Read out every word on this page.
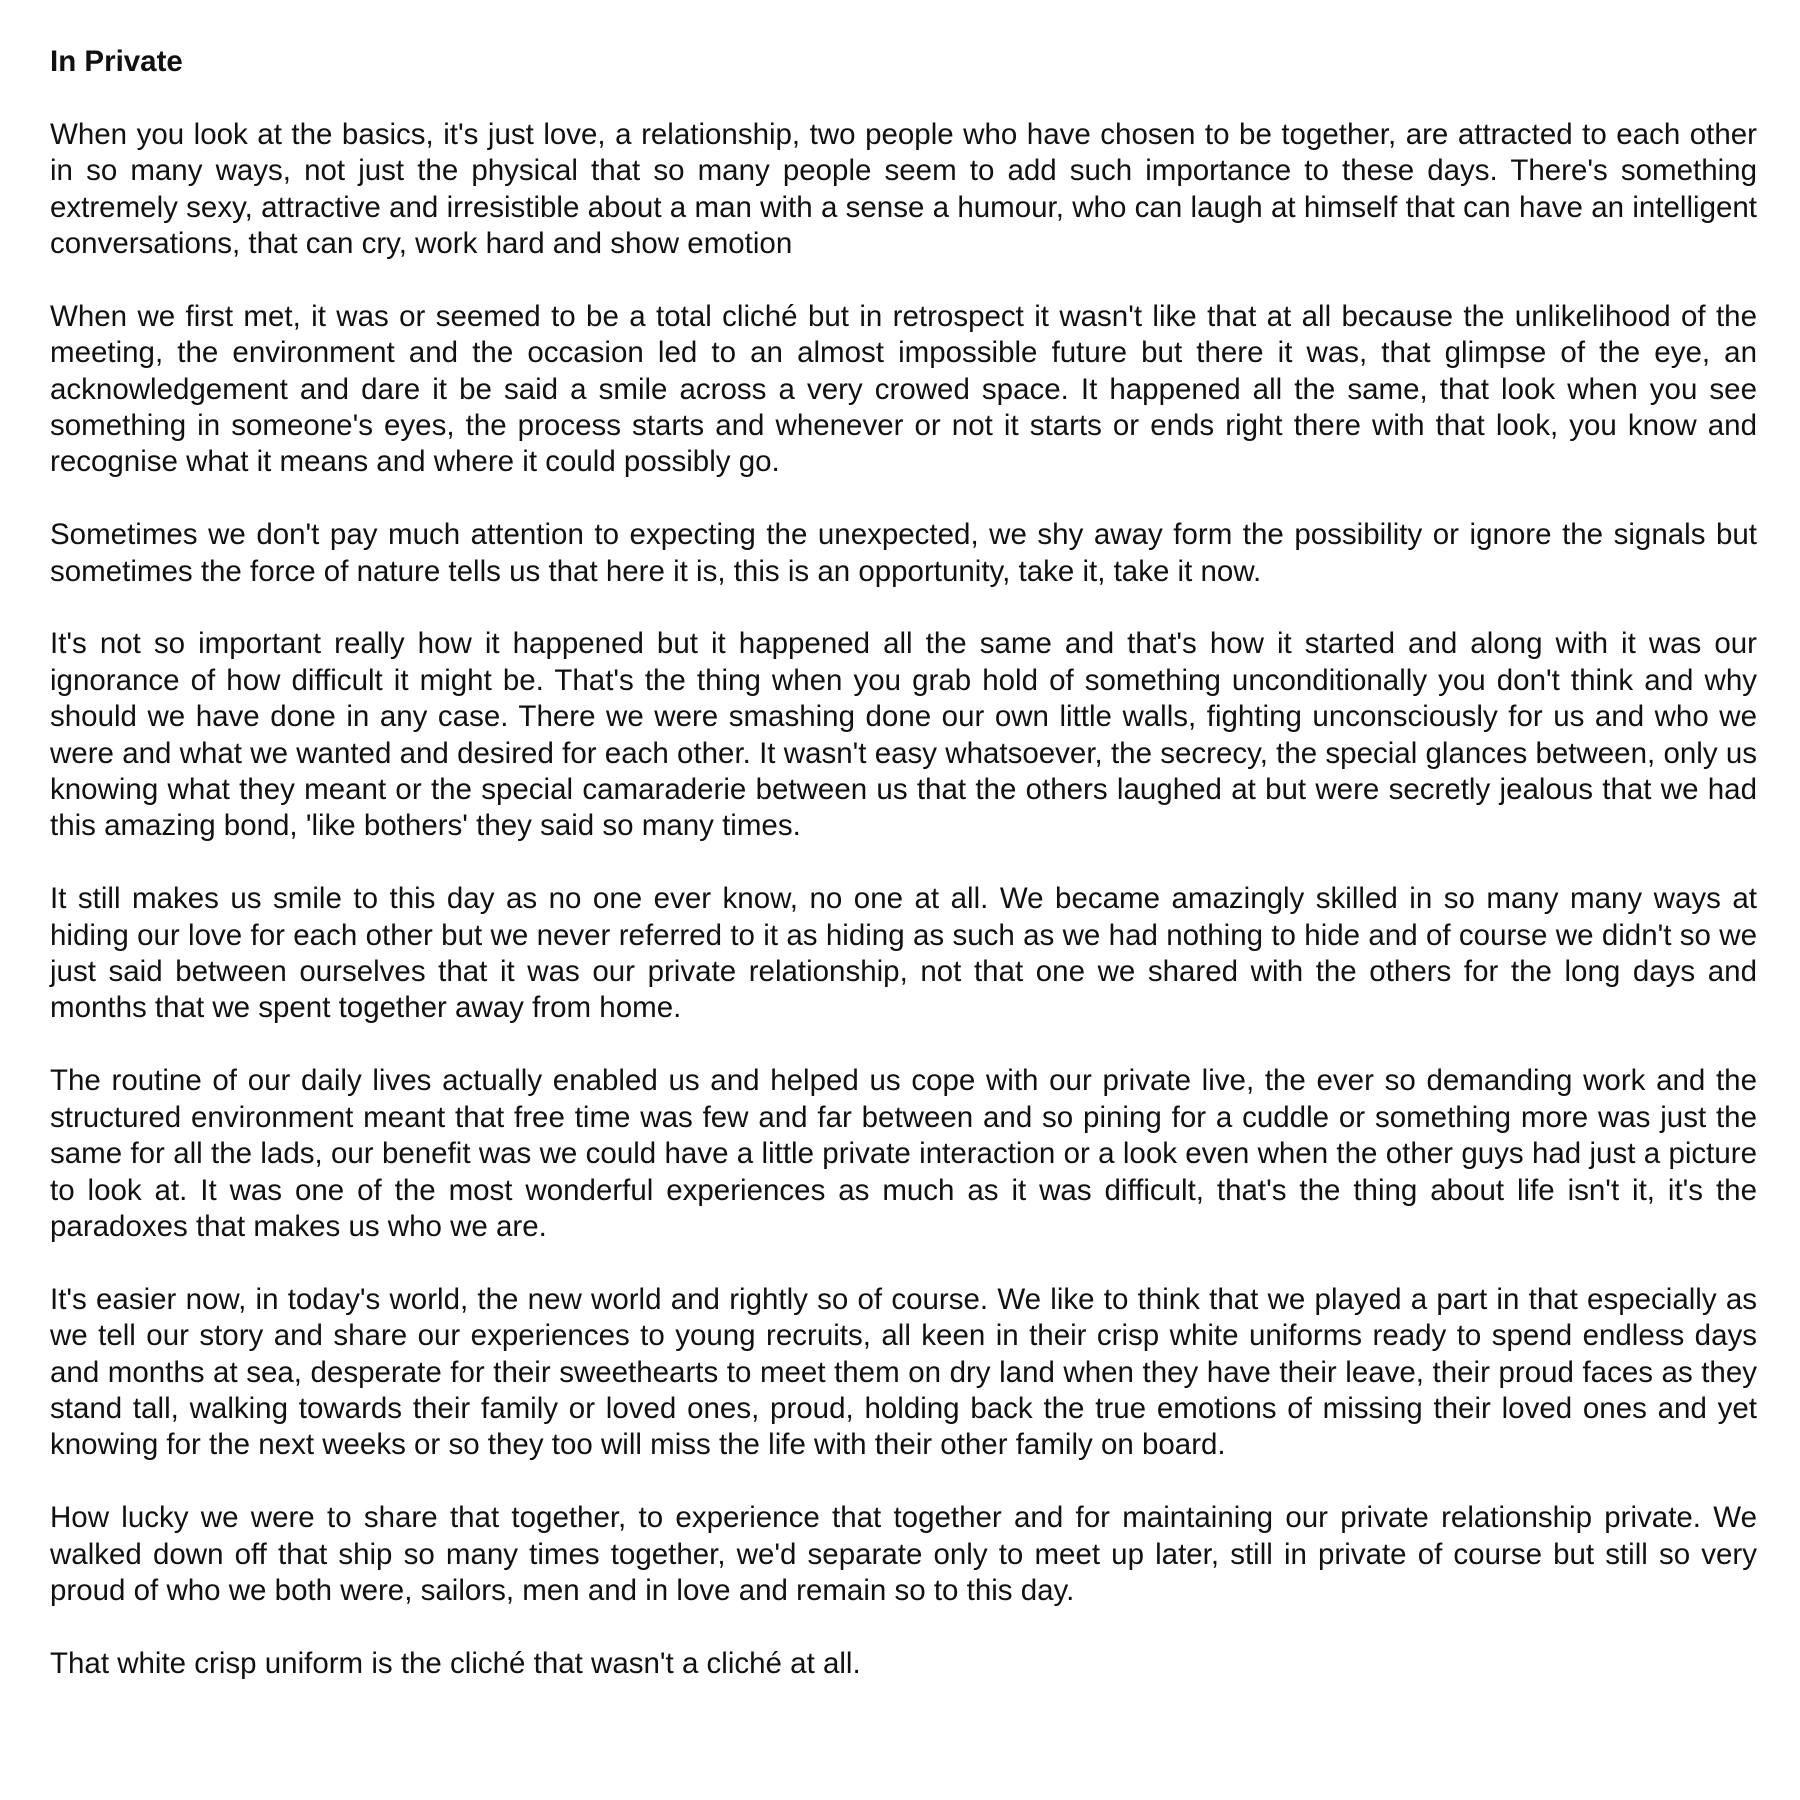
In Private

When you look at the basics, it's just love, a relationship, two people who have chosen to be together, are attracted to each other in so many ways, not just the physical that so many people seem to add such importance to these days. There's something extremely sexy, attractive and irresistible about a man with a sense a humour, who can laugh at himself that can have an intelligent conversations, that can cry, work hard and show emotion

When we first met, it was or seemed to be a total cliché but in retrospect it wasn't like that at all because the unlikelihood of the meeting, the environment and the occasion led to an almost impossible future but there it was, that glimpse of the eye, an acknowledgement and dare it be said a smile across a very crowed space. It happened all the same, that look when you see something in someone's eyes, the process starts and whenever or not it starts or ends right there with that look, you know and recognise what it means and where it could possibly go.

Sometimes we don't pay much attention to expecting the unexpected, we shy away form the possibility or ignore the signals but sometimes the force of nature tells us that here it is, this is an opportunity, take it, take it now.

It's not so important really how it happened but it happened all the same and that's how it started and along with it was our ignorance of how difficult it might be. That's the thing when you grab hold of something unconditionally you don't think and why should we have done in any case. There we were smashing done our own little walls, fighting unconsciously for us and who we were and what we wanted and desired for each other. It wasn't easy whatsoever, the secrecy, the special glances between, only us knowing what they meant or the special camaraderie between us that the others laughed at but were secretly jealous that we had this amazing bond, 'like bothers' they said so many times.

It still makes us smile to this day as no one ever know, no one at all. We became amazingly skilled in so many many ways at hiding our love for each other but we never referred to it as hiding as such as we had nothing to hide and of course we didn't so we just said between ourselves that it was our private relationship, not that one we shared with the others for the long days and months that we spent together away from home.

The routine of our daily lives actually enabled us and helped us cope with our private live, the ever so demanding work and the structured environment meant that free time was few and far between and so pining for a cuddle or something more was just the same for all the lads, our benefit was we could have a little private interaction or a look even when the other guys had just a picture to look at. It was one of the most wonderful experiences as much as it was difficult, that's the thing about life isn't it, it's the paradoxes that makes us who we are.

It's easier now, in today's world, the new world and rightly so of course. We like to think that we played a part in that especially as we tell our story and share our experiences to young recruits, all keen in their crisp white uniforms ready to spend endless days and months at sea, desperate for their sweethearts to meet them on dry land when they have their leave, their proud faces as they stand tall, walking towards their family or loved ones, proud, holding back the true emotions of missing their loved ones and yet knowing for the next weeks or so they too will miss the life with their other family on board.

How lucky we were to share that together, to experience that together and for maintaining our private relationship private. We walked down off that ship so many times together, we'd separate only to meet up later, still in private of course but still so very proud of who we both were, sailors, men and in love and remain so to this day.

That white crisp uniform is the cliché that wasn't a cliché at all.
